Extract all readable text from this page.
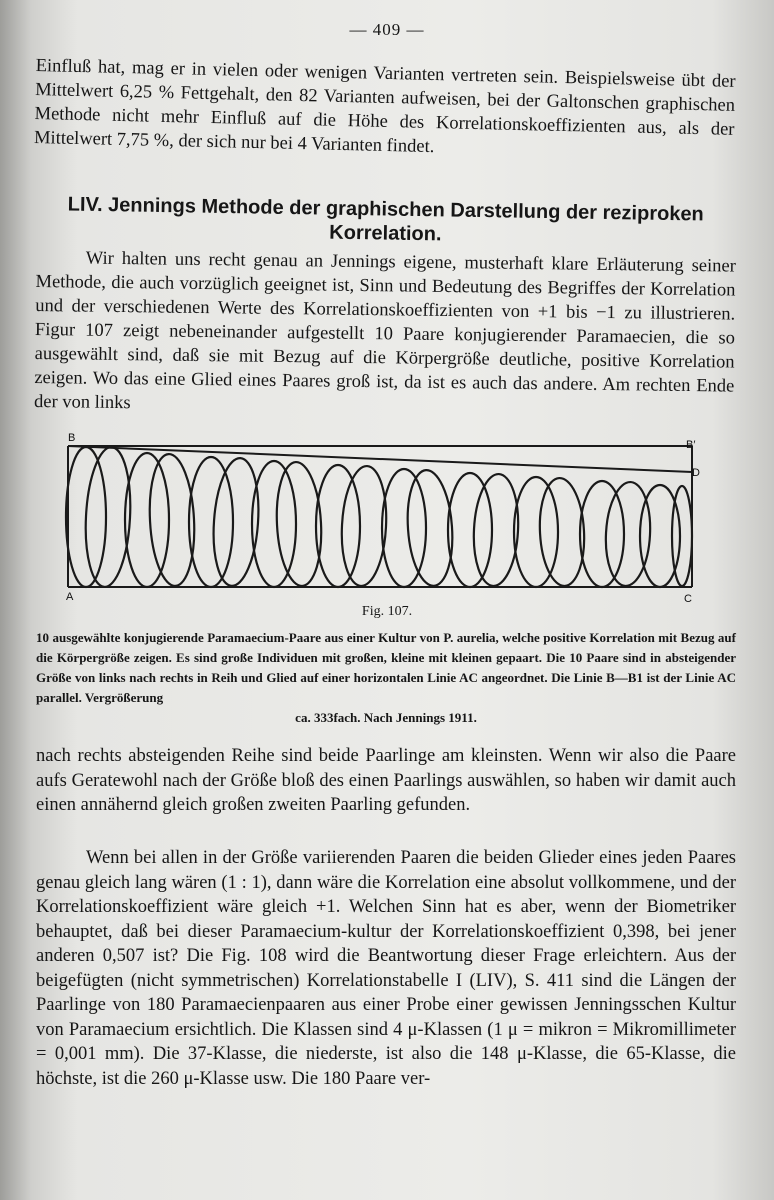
— 409 —

Einfluß hat, mag er in vielen oder wenigen Varianten vertreten sein. Beispielsweise übt der Mittelwert 6,25 % Fettgehalt, den 82 Varianten aufweisen, bei der Galtonschen graphischen Methode nicht mehr Einfluß auf die Höhe des Korrelationskoeffizienten aus, als der Mittelwert 7,75 %, der sich nur bei 4 Varianten findet.

LIV. Jennings Methode der graphischen Darstellung der reziproken Korrelation.

Wir halten uns recht genau an Jennings eigene, musterhaft klare Erläuterung seiner Methode, die auch vorzüglich geeignet ist, Sinn und Bedeutung des Begriffes der Korrelation und der verschiedenen Werte des Korrelationskoeffizienten von +1 bis −1 zu illustrieren. Figur 107 zeigt nebeneinander aufgestellt 10 Paare konjugierender Paramaecien, die so ausgewählt sind, daß sie mit Bezug auf die Körpergröße deutliche, positive Korrelation zeigen. Wo das eine Glied eines Paares groß ist, da ist es auch das andere. Am rechten Ende der von links

B
B′
D
A	C
Fig. 107.
10 ausgewählte konjugierende Paramaecium-Paare aus einer Kultur von P. aurelia, welche positive Korrelation mit Bezug auf die Körpergröße zeigen. Es sind große Individuen mit großen, kleine mit kleinen gepaart. Die 10 Paare sind in absteigender Größe von links nach rechts in Reih und Glied auf einer horizontalen Linie AC angeordnet. Die Linie B—B1 ist der Linie AC parallel. Vergrößerung
ca. 333fach. Nach Jennings 1911.

nach rechts absteigenden Reihe sind beide Paarlinge am kleinsten. Wenn wir also die Paare aufs Geratewohl nach der Größe bloß des einen Paarlings auswählen, so haben wir damit auch einen annähernd gleich großen zweiten Paarling gefunden.

Wenn bei allen in der Größe variierenden Paaren die beiden Glieder eines jeden Paares genau gleich lang wären (1 : 1), dann wäre die Korrelation eine absolut vollkommene, und der Korrelationskoeffizient wäre gleich +1. Welchen Sinn hat es aber, wenn der Biometriker behauptet, daß bei dieser Paramaecium-kultur der Korrelationskoeffizient 0,398, bei jener anderen 0,507 ist? Die Fig. 108 wird die Beantwortung dieser Frage erleichtern. Aus der beigefügten (nicht symmetrischen) Korrelationstabelle I (LIV), S. 411 sind die Längen der Paarlinge von 180 Paramaecienpaaren aus einer Probe einer gewissen Jenningsschen Kultur von Paramaecium ersichtlich. Die Klassen sind 4 μ-Klassen (1 μ = mikron = Mikromillimeter = 0,001 mm). Die 37-Klasse, die niederste, ist also die 148 μ-Klasse, die 65-Klasse, die höchste, ist die 260 μ-Klasse usw. Die 180 Paare ver-
